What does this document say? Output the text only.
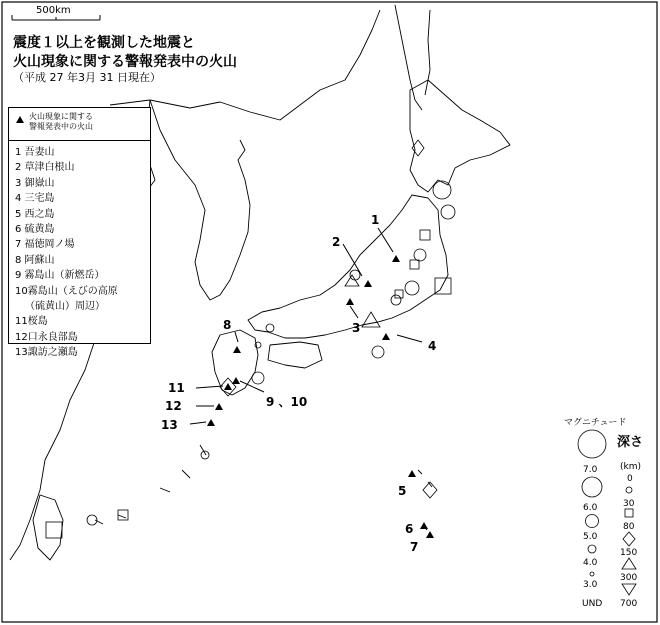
500km
震度１以上を観測した地震と
火山現象に関する警報発表中の火山
（平成 27 年3月 31 日現在）
1
2
3
4
5
6
7
8
9 、10
11
12
13	マグニチュード
7.0
6.0
5.0
4.0
3.0
深さ
(km)
0
30
80
150
300
700
UND
火山現象に関する
警報発表中の火山
1 吾妻山
2 草津白根山
3 御嶽山
4 三宅島
5 西之島
6 硫黄島
7 福徳岡ノ場
8 阿蘇山
9 霧島山（新燃岳）
10霧島山（えびの高原
（硫黄山）周辺）
11桜島
12口永良部島
13諏訪之瀬島
